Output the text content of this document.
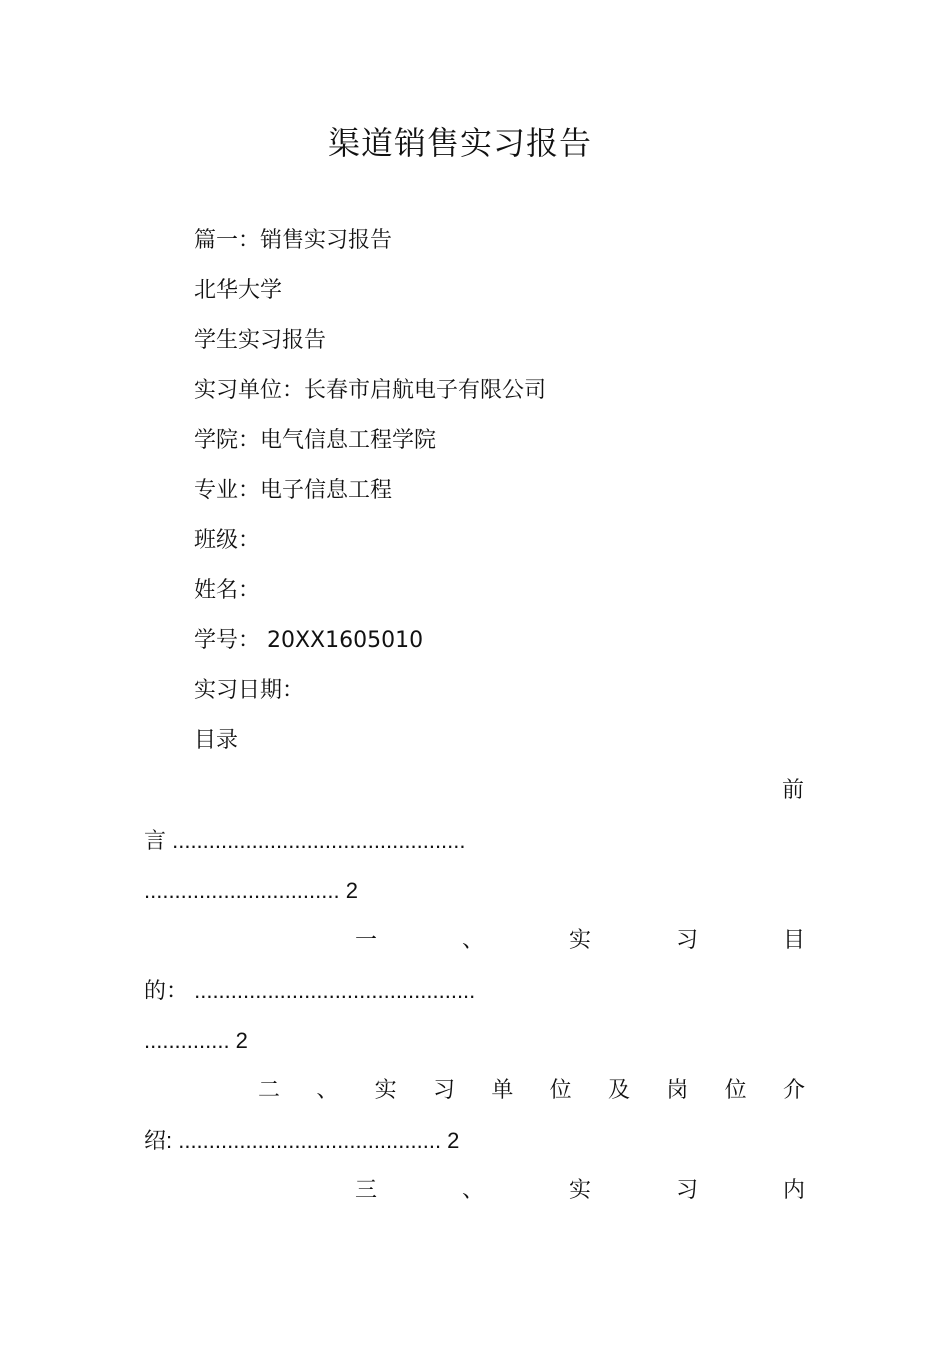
渠道销售实习报告
篇一：销售实习报告
北华大学
学生实习报告
实习单位：长春市启航电子有限公司
学院：电气信息工程学院
专业：电子信息工程
班级：
姓名：
学号： 20XX1605010
实习日期：
目录
前
言 ................................................
................................ 2
一	、	实	习	目
的： ..............................................
.............. 2
二 、 实 习 单 位 及 岗 位 介
绍: ........................................... 2
三	、	实	习	内
